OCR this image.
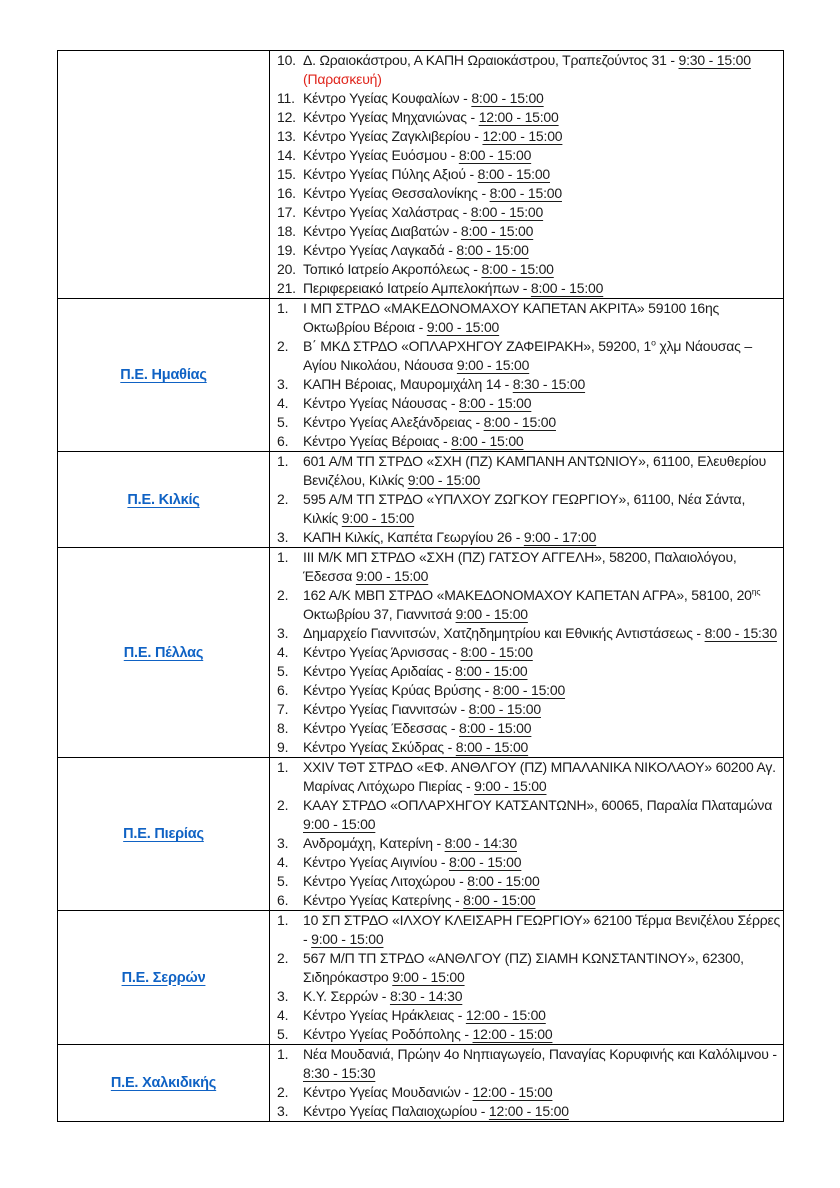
10. Δ. Ωραιοκάστρου, Α ΚΑΠΗ Ωραιοκάστρου, Τραπεζούντος 31 - 9:30 - 15:00 (Παρασκευή)
11. Κέντρο Υγείας Κουφαλίων - 8:00 - 15:00
12. Κέντρο Υγείας Μηχανιώνας - 12:00 - 15:00
13. Κέντρο Υγείας Ζαγκλιβερίου - 12:00 - 15:00
14. Κέντρο Υγείας Ευόσμου - 8:00 - 15:00
15. Κέντρο Υγείας Πύλης Αξιού - 8:00 - 15:00
16. Κέντρο Υγείας Θεσσαλονίκης - 8:00 - 15:00
17. Κέντρο Υγείας Χαλάστρας - 8:00 - 15:00
18. Κέντρο Υγείας Διαβατών - 8:00 - 15:00
19. Κέντρο Υγείας Λαγκαδά - 8:00 - 15:00
20. Τοπικό Ιατρείο Ακροπόλεως - 8:00 - 15:00
21. Περιφερειακό Ιατρείο Αμπελοκήπων - 8:00 - 15:00

Π.Ε. Ημαθίας	
1.	Ι ΜΠ ΣΤΡΔΟ «ΜΑΚΕΔΟΝΟΜΑΧΟΥ ΚΑΠΕΤΑΝ ΑΚΡΙΤΑ» 59100 16ης Οκτωβρίου Βέροια - 9:00 - 15:00
2.	Β΄ ΜΚΔ ΣΤΡΔΟ «ΟΠΛΑΡΧΗΓΟΥ ΖΑΦΕΙΡΑΚΗ», 59200, $1^o$ χλμ Νάουσας – Αγίου Νικολάου, Νάουσα 9:00 - 15:00
3.	ΚΑΠΗ Βέροιας, Μαυρομιχάλη 14 - 8:30 - 15:00
4.	Κέντρο Υγείας Νάουσας - 8:00 - 15:00
5.	Κέντρο Υγείας Αλεξάνδρειας - 8:00 - 15:00
6.	Κέντρο Υγείας Βέροιας - 8:00 - 15:00

Π.Ε. Κιλκίς	
1.	601 Α/Μ ΤΠ ΣΤΡΔΟ «ΣΧΗ (ΠΖ) ΚΑΜΠΑΝΗ ΑΝΤΩΝΙΟΥ», 61100, Ελευθερίου Βενιζέλου, Κιλκίς 9:00 - 15:00
2.	595 Α/Μ ΤΠ ΣΤΡΔΟ «ΥΠΛΧΟΥ ΖΩΓΚΟΥ ΓΕΩΡΓΙΟΥ», 61100, Νέα Σάντα, Κιλκίς 9:00 - 15:00
3.	ΚΑΠΗ Κιλκίς, Καπέτα Γεωργίου 26 - 9:00 - 17:00

Π.Ε. Πέλλας	
1.	ΙΙΙ Μ/Κ ΜΠ ΣΤΡΔΟ «ΣΧΗ (ΠΖ) ΓΑΤΣΟΥ ΑΓΓΕΛΗ», 58200, Παλαιολόγου, Έδεσσα 9:00 - 15:00
2.	162 Α/Κ ΜΒΠ ΣΤΡΔΟ «ΜΑΚΕΔΟΝΟΜΑΧΟΥ ΚΑΠΕΤΑΝ ΑΓΡΑ», 58100, $20^{\eta\varsigma}$ Οκτωβρίου 37, Γιαννιτσά 9:00 - 15:00
3.	Δημαρχείο Γιαννιτσών, Χατζηδημητρίου και Εθνικής Αντιστάσεως - 8:00 - 15:30
4.	Κέντρο Υγείας Άρνισσας - 8:00 - 15:00
5.	Κέντρο Υγείας Αριδαίας - 8:00 - 15:00
6.	Κέντρο Υγείας Κρύας Βρύσης - 8:00 - 15:00
7.	Κέντρο Υγείας Γιαννιτσών - 8:00 - 15:00
8.	Κέντρο Υγείας Έδεσσας - 8:00 - 15:00
9.	Κέντρο Υγείας Σκύδρας - 8:00 - 15:00

Π.Ε. Πιερίας	
1.	XXIV ΤΘΤ ΣΤΡΔΟ «ΕΦ. ΑΝΘΛΓΟΥ (ΠΖ) ΜΠΑΛΑΝΙΚΑ ΝΙΚΟΛΑΟΥ» 60200 Αγ. Μαρίνας Λιτόχωρο Πιερίας - 9:00 - 15:00
2.	ΚΑΑΥ ΣΤΡΔΟ «ΟΠΛΑΡΧΗΓΟΥ ΚΑΤΣΑΝΤΩΝΗ», 60065, Παραλία Πλαταμώνα 9:00 - 15:00
3.	Ανδρομάχη, Κατερίνη - 8:00 - 14:30
4.	Κέντρο Υγείας Αιγινίου - 8:00 - 15:00
5.	Κέντρο Υγείας Λιτοχώρου - 8:00 - 15:00
6.	Κέντρο Υγείας Κατερίνης - 8:00 - 15:00

Π.Ε. Σερρών	
1.	10 ΣΠ ΣΤΡΔΟ «ΙΛΧΟΥ ΚΛΕΙΣΑΡΗ ΓΕΩΡΓΙΟΥ» 62100 Τέρμα Βενιζέλου Σέρρες - 9:00 - 15:00
2.	567 Μ/Π ΤΠ ΣΤΡΔΟ «ΑΝΘΛΓΟΥ (ΠΖ) ΣΙΑΜΗ ΚΩΝΣΤΑΝΤΙΝΟΥ», 62300, Σιδηρόκαστρο 9:00 - 15:00
3.	Κ.Υ. Σερρών - 8:30 - 14:30
4.	Κέντρο Υγείας Ηράκλειας - 12:00 - 15:00
5.	Κέντρο Υγείας Ροδόπολης - 12:00 - 15:00

Π.Ε. Χαλκιδικής	
1.	Νέα Μουδανιά, Πρώην 4ο Νηπιαγωγείο, Παναγίας Κορυφινής και Καλόλιμνου - 8:30 - 15:30
2.	Κέντρο Υγείας Μουδανιών - 12:00 - 15:00
3.	Κέντρο Υγείας Παλαιοχωρίου - 12:00 - 15:00
